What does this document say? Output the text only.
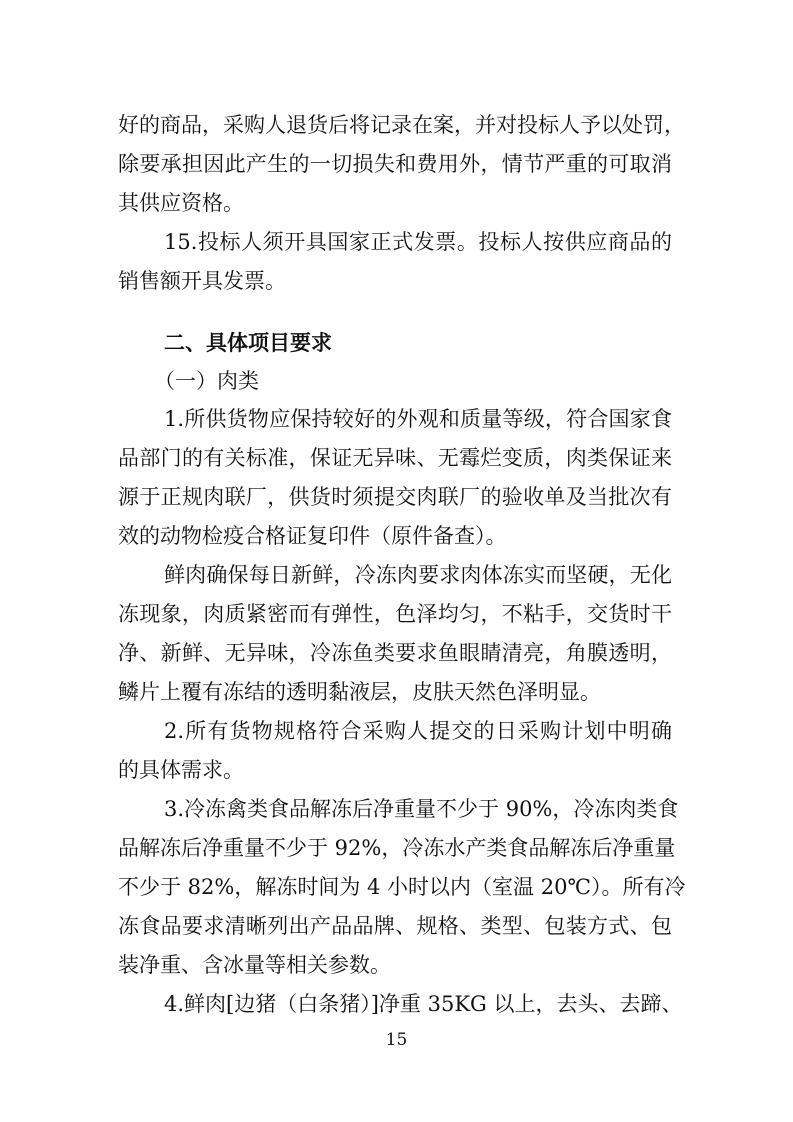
好的商品，采购人退货后将记录在案，并对投标人予以处罚，
除要承担因此产生的一切损失和费用外，情节严重的可取消
其供应资格。
15.投标人须开具国家正式发票。投标人按供应商品的
销售额开具发票。
二、具体项目要求
（一）肉类
1.所供货物应保持较好的外观和质量等级，符合国家食
品部门的有关标准，保证无异味、无霉烂变质，肉类保证来
源于正规肉联厂，供货时须提交肉联厂的验收单及当批次有
效的动物检疫合格证复印件（原件备查）。
鲜肉确保每日新鲜，冷冻肉要求肉体冻实而坚硬，无化
冻现象，肉质紧密而有弹性，色泽均匀，不粘手，交货时干
净、新鲜、无异味，冷冻鱼类要求鱼眼睛清亮，角膜透明，
鳞片上覆有冻结的透明黏液层，皮肤天然色泽明显。
2.所有货物规格符合采购人提交的日采购计划中明确
的具体需求。
3.冷冻禽类食品解冻后净重量不少于 90%，冷冻肉类食
品解冻后净重量不少于 92%，冷冻水产类食品解冻后净重量
不少于 82%，解冻时间为 4 小时以内（室温 20℃）。所有冷
冻食品要求清晰列出产品品牌、规格、类型、包装方式、包
装净重、含冰量等相关参数。
4.鲜肉[边猪（白条猪）]净重 35KG 以上，去头、去蹄、
15
